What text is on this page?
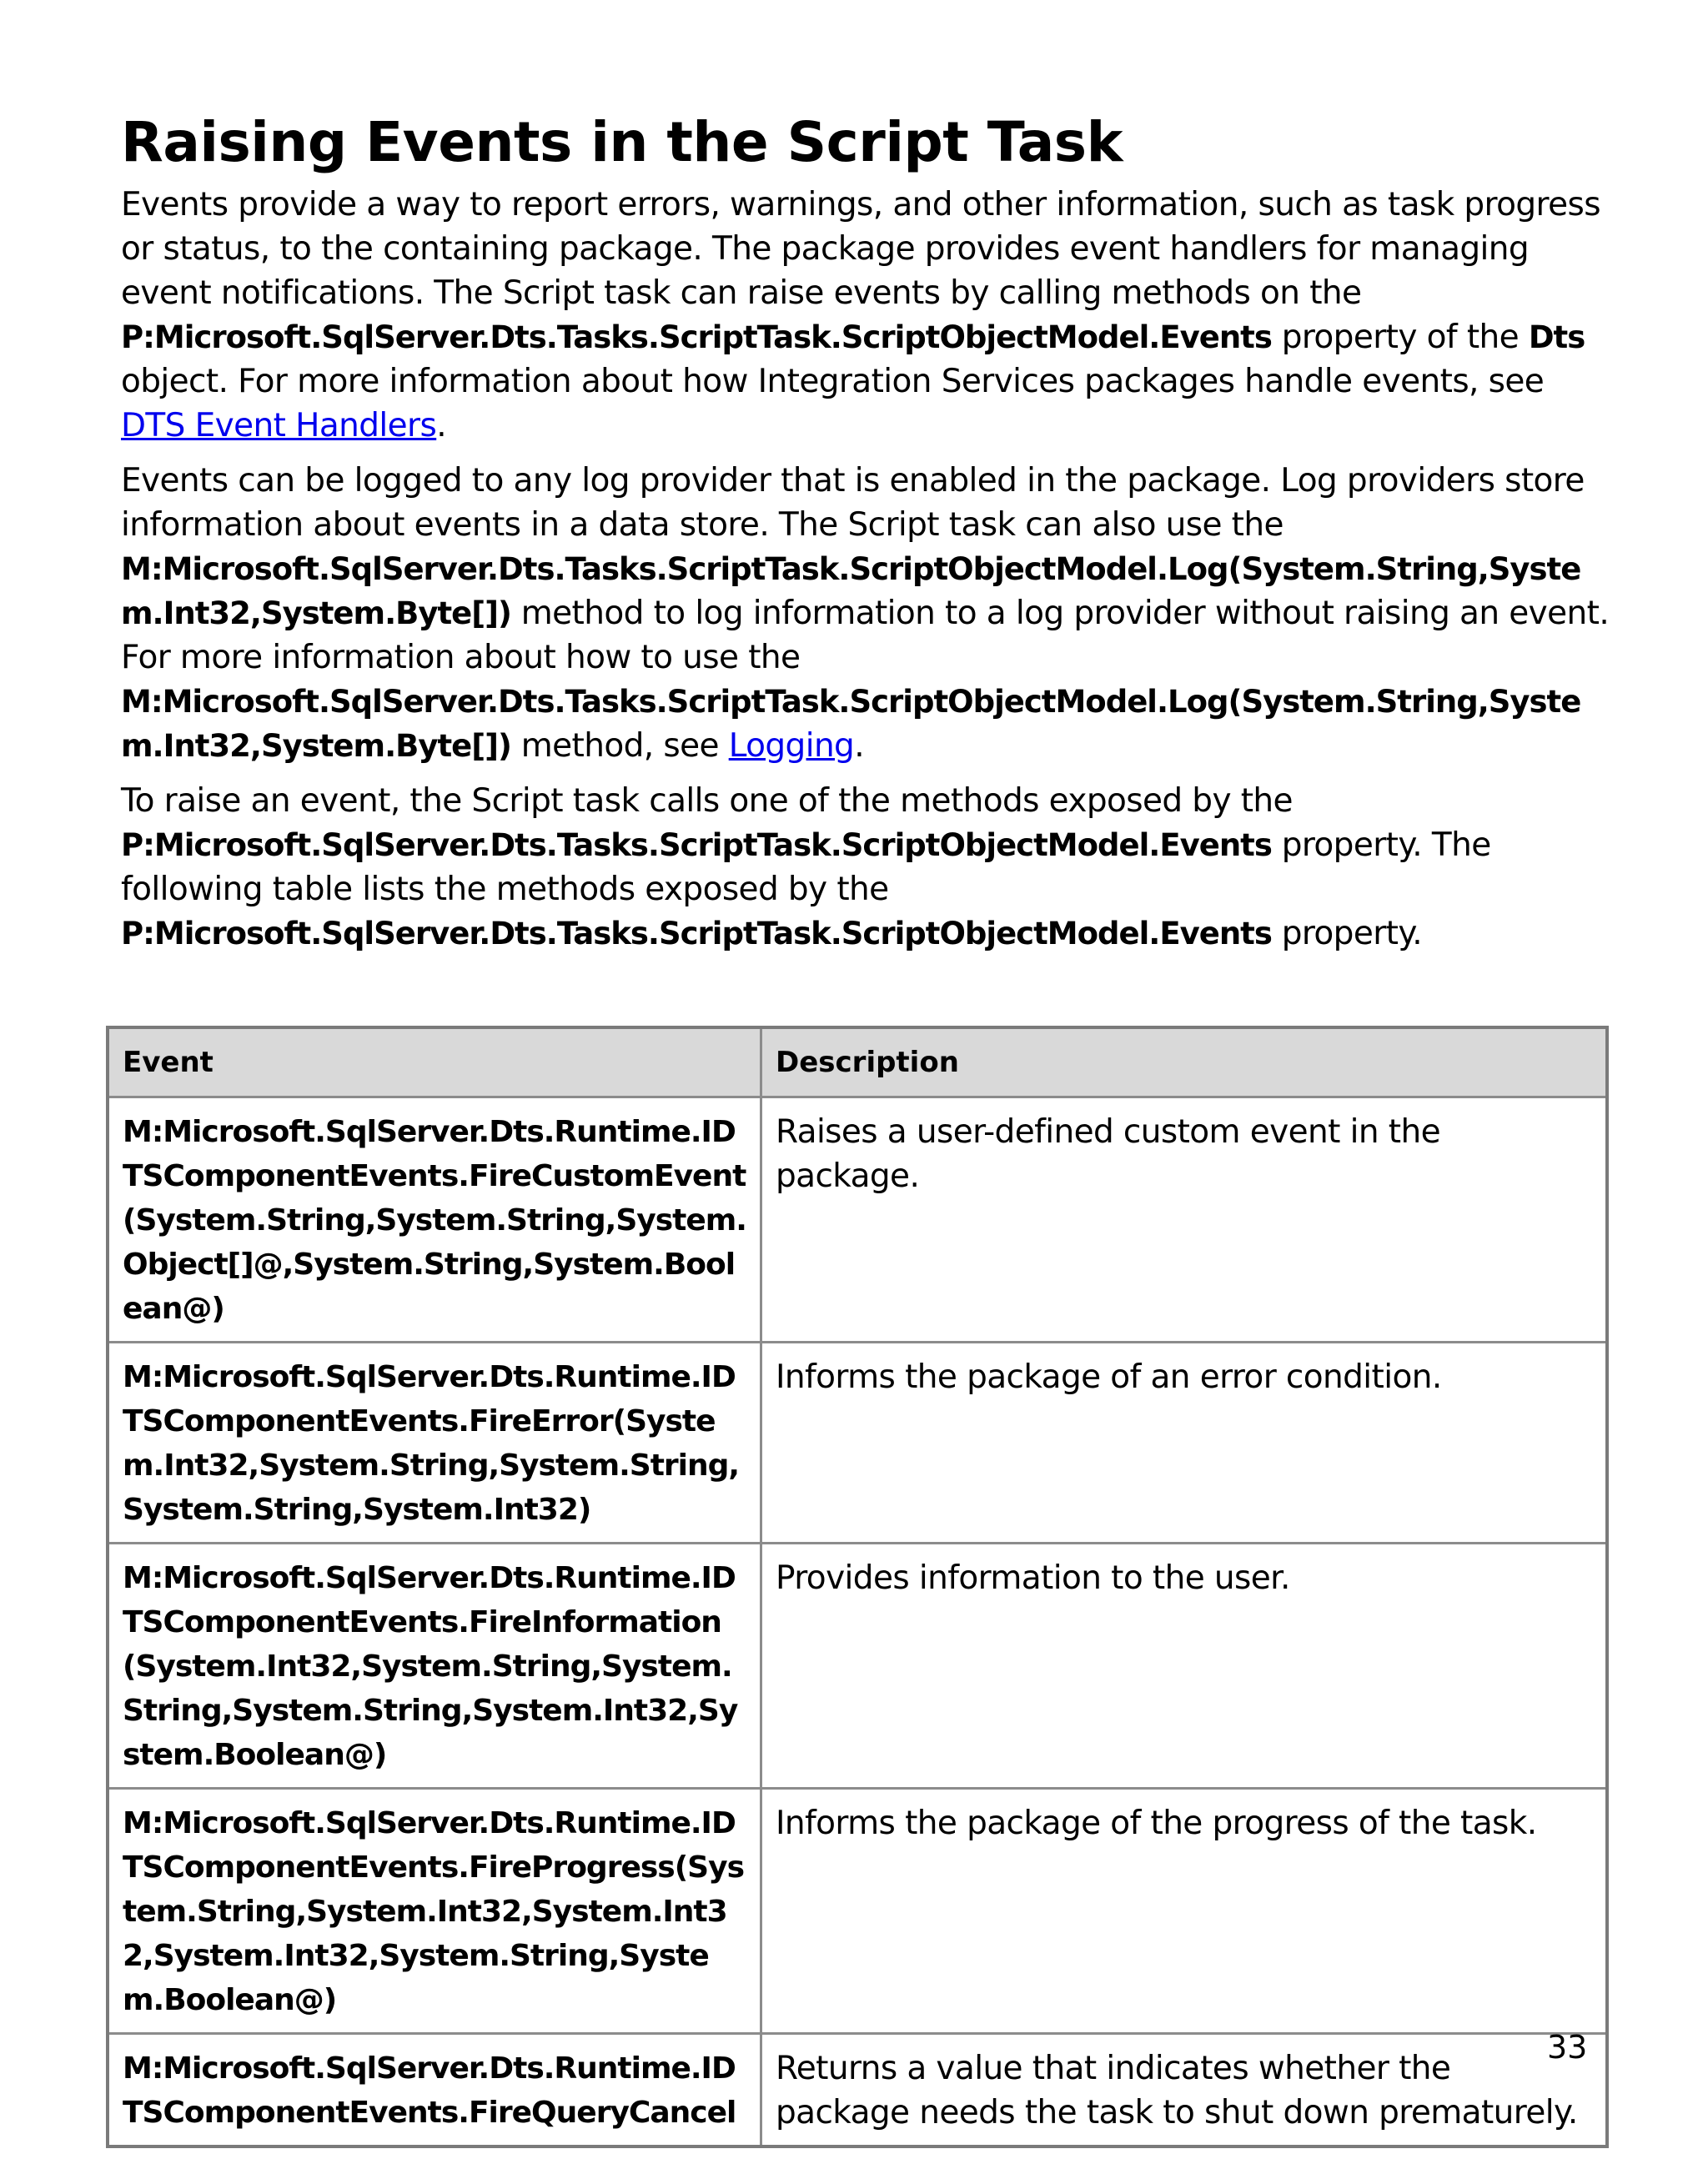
Raising Events in the Script Task

Events provide a way to report errors, warnings, and other information, such as task progress or status, to the containing package. The package provides event handlers for managing event notifications. The Script task can raise events by calling methods on the P:Microsoft.SqlServer.Dts.Tasks.ScriptTask.ScriptObjectModel.Events property of the Dts object. For more information about how Integration Services packages handle events, see DTS Event Handlers.

Events can be logged to any log provider that is enabled in the package. Log providers store information about events in a data store. The Script task can also use the M:Microsoft.SqlServer.Dts.Tasks.ScriptTask.ScriptObjectModel.Log(System.String,System.Int32,System.Byte[]) method to log information to a log provider without raising an event. For more information about how to use the M:Microsoft.SqlServer.Dts.Tasks.ScriptTask.ScriptObjectModel.Log(System.String,System.Int32,System.Byte[]) method, see Logging.

To raise an event, the Script task calls one of the methods exposed by the P:Microsoft.SqlServer.Dts.Tasks.ScriptTask.ScriptObjectModel.Events property. The following table lists the methods exposed by the P:Microsoft.SqlServer.Dts.Tasks.ScriptTask.ScriptObjectModel.Events property.

Event	Description
M:Microsoft.SqlServer.Dts.Runtime.IDTSComponentEvents.FireCustomEvent(System.String,System.String,System.Object[]@,System.String,System.Boolean@)	Raises a user-defined custom event in the package.
M:Microsoft.SqlServer.Dts.Runtime.IDTSComponentEvents.FireError(System.Int32,System.String,System.String,System.String,System.Int32)	Informs the package of an error condition.
M:Microsoft.SqlServer.Dts.Runtime.IDTSComponentEvents.FireInformation(System.Int32,System.String,System.String,System.String,System.Int32,System.Boolean@)	Provides information to the user.
M:Microsoft.SqlServer.Dts.Runtime.IDTSComponentEvents.FireProgress(System.String,System.Int32,System.Int32,System.Int32,System.String,System.Boolean@)	Informs the package of the progress of the task.
M:Microsoft.SqlServer.Dts.Runtime.IDTSComponentEvents.FireQueryCancel	Returns a value that indicates whether the package needs the task to shut down prematurely.
33
